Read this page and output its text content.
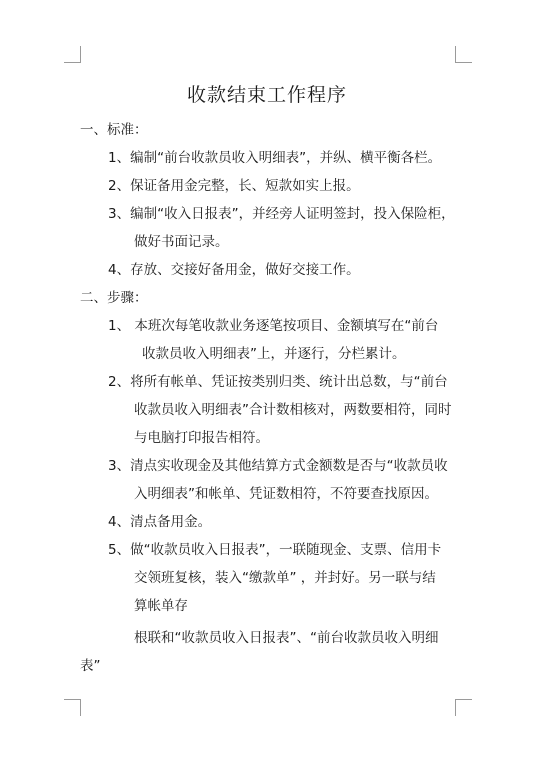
收款结束工作程序
一、标准：
1、编制“前台收款员收入明细表”，并纵、横平衡各栏。
2、保证备用金完整，长、短款如实上报。
3、编制“收入日报表”，并经旁人证明签封，投入保险柜，
做好书面记录。
4、存放、交接好备用金，做好交接工作。
二、步骤：
1、 本班次每笔收款业务逐笔按项目、金额填写在“前台
收款员收入明细表”上，并逐行，分栏累计。
2、将所有帐单、凭证按类别归类、统计出总数，与“前台
收款员收入明细表”合计数相核对，两数要相符，同时
与电脑打印报告相符。
3、清点实收现金及其他结算方式金额数是否与“收款员收
入明细表”和帐单、凭证数相符，不符要查找原因。
4、清点备用金。
5、做“收款员收入日报表”，一联随现金、支票、信用卡
交领班复核，装入“缴款单” ，并封好。另一联与结
算帐单存
根联和“收款员收入日报表”、“前台收款员收入明细
表”
